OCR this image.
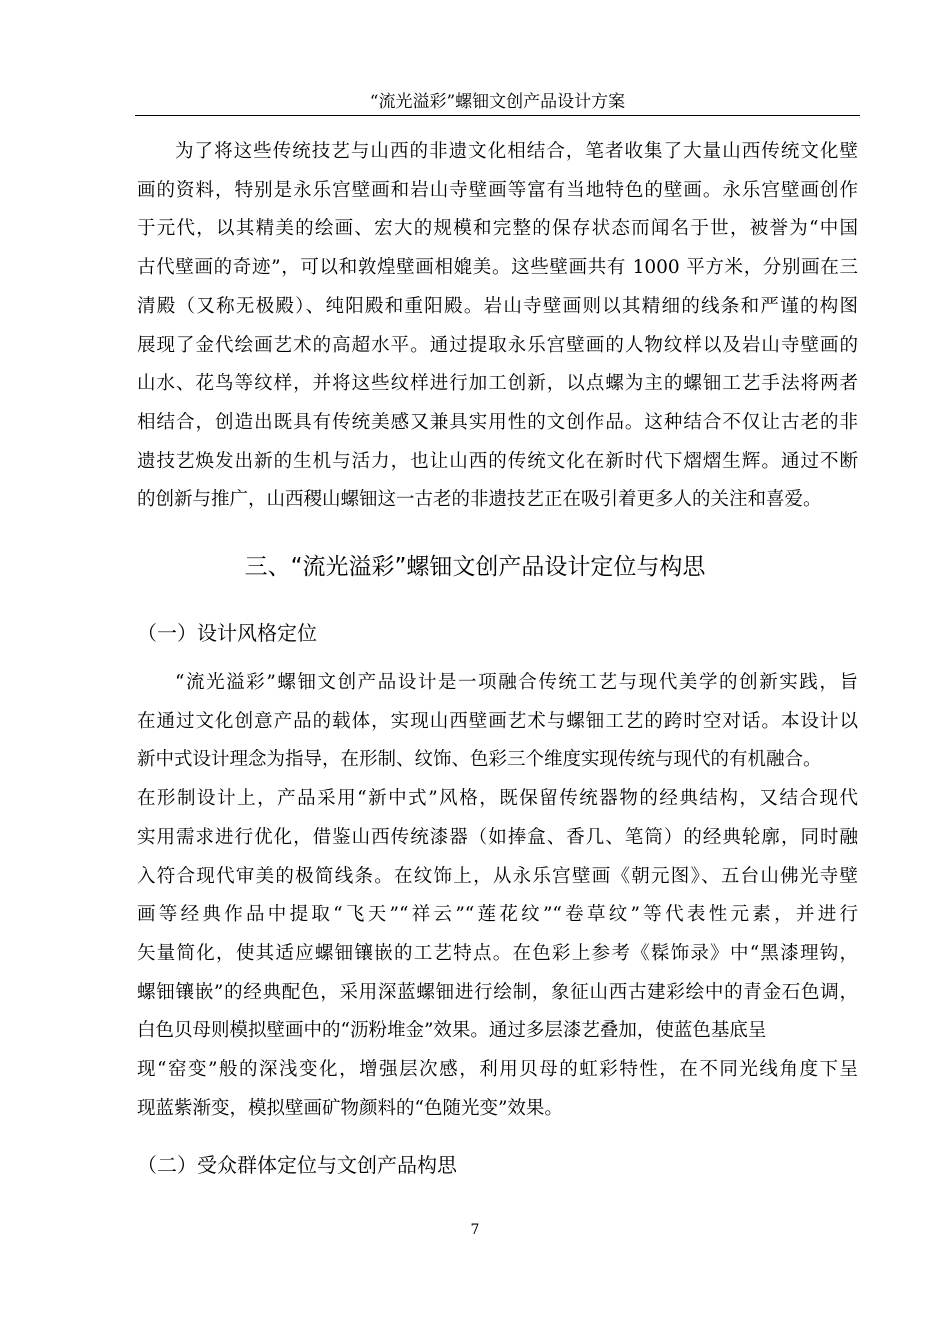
“流光溢彩”螺钿文创产品设计方案
为了将这些传统技艺与山西的非遗文化相结合，笔者收集了大量山西传统文化壁
画的资料，特别是永乐宫壁画和岩山寺壁画等富有当地特色的壁画。永乐宫壁画创作
于元代，以其精美的绘画、宏大的规模和完整的保存状态而闻名于世，被誉为“中国
古代壁画的奇迹”，可以和敦煌壁画相媲美。这些壁画共有 1000 平方米，分别画在三
清殿（又称无极殿）、纯阳殿和重阳殿。岩山寺壁画则以其精细的线条和严谨的构图
展现了金代绘画艺术的高超水平。通过提取永乐宫壁画的人物纹样以及岩山寺壁画的
山水、花鸟等纹样，并将这些纹样进行加工创新，以点螺为主的螺钿工艺手法将两者
相结合，创造出既具有传统美感又兼具实用性的文创作品。这种结合不仅让古老的非
遗技艺焕发出新的生机与活力，也让山西的传统文化在新时代下熠熠生辉。通过不断
的创新与推广，山西稷山螺钿这一古老的非遗技艺正在吸引着更多人的关注和喜爱。
三、“流光溢彩”螺钿文创产品设计定位与构思
（一）设计风格定位
“流光溢彩”螺钿文创产品设计是一项融合传统工艺与现代美学的创新实践，旨
在通过文化创意产品的载体，实现山西壁画艺术与螺钿工艺的跨时空对话。本设计以
新中式设计理念为指导，在形制、纹饰、色彩三个维度实现传统与现代的有机融合。
在形制设计上，产品采用“新中式”风格，既保留传统器物的经典结构，又结合现代
实用需求进行优化，借鉴山西传统漆器（如捧盒、香几、笔筒）的经典轮廓，同时融
入符合现代审美的极简线条。在纹饰上，从永乐宫壁画《朝元图》、五台山佛光寺壁
画等经典作品中提取“飞天”“祥云”“莲花纹”“卷草纹”等代表性元素，并进行
矢量简化，使其适应螺钿镶嵌的工艺特点。在色彩上参考《髹饰录》中“黑漆理钩，
螺钿镶嵌”的经典配色，采用深蓝螺钿进行绘制，象征山西古建彩绘中的青金石色调，
白色贝母则模拟壁画中的“沥粉堆金”效果。通过多层漆艺叠加，使蓝色基底呈
现“窑变”般的深浅变化，增强层次感，利用贝母的虹彩特性，在不同光线角度下呈
现蓝紫渐变，模拟壁画矿物颜料的“色随光变”效果。
（二）受众群体定位与文创产品构思
7
